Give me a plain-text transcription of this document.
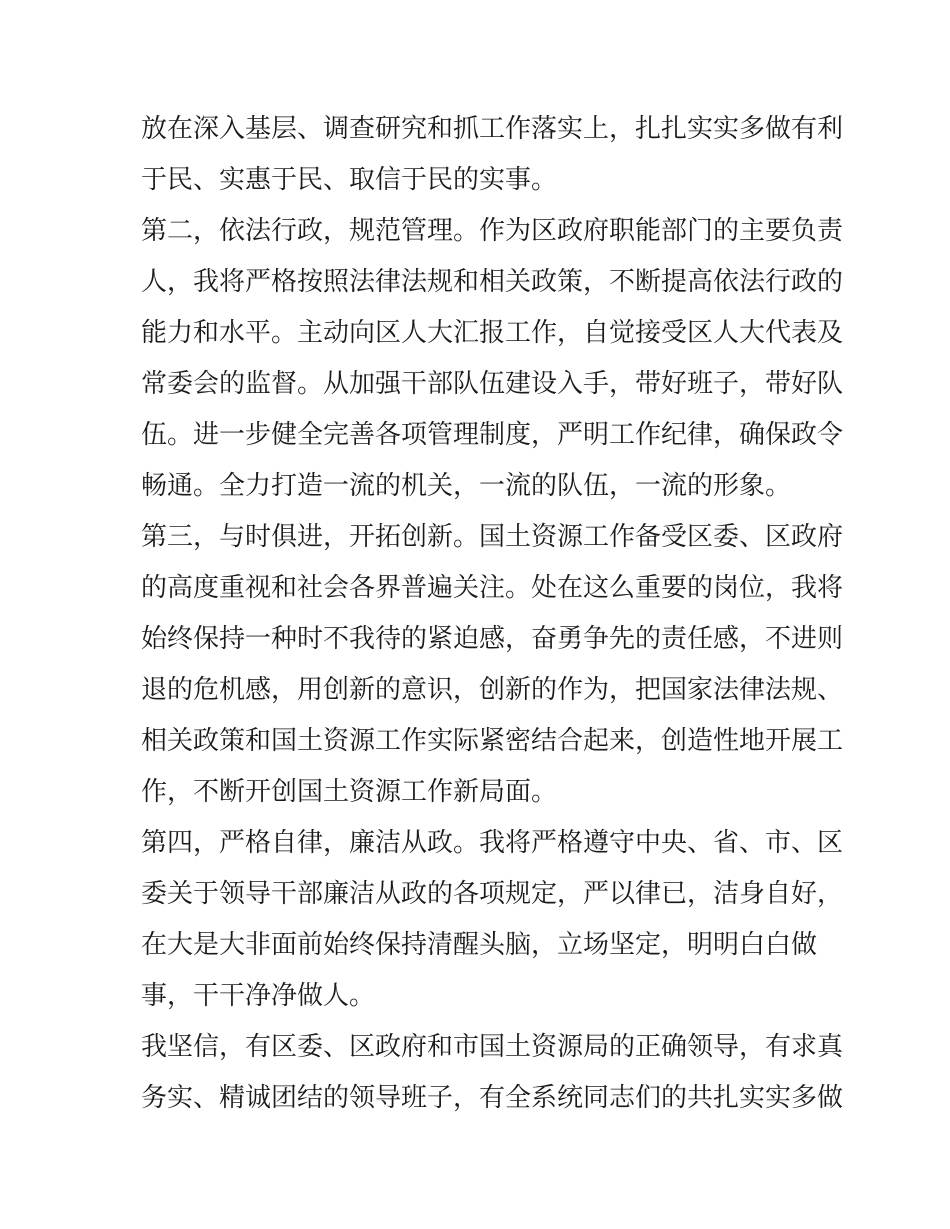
放在深入基层、调查研究和抓工作落实上，扎扎实实多做有利
于民、实惠于民、取信于民的实事。
第二，依法行政，规范管理。作为区政府职能部门的主要负责
人，我将严格按照法律法规和相关政策，不断提高依法行政的
能力和水平。主动向区人大汇报工作，自觉接受区人大代表及
常委会的监督。从加强干部队伍建设入手，带好班子，带好队
伍。进一步健全完善各项管理制度，严明工作纪律，确保政令
畅通。全力打造一流的机关，一流的队伍，一流的形象。
第三，与时俱进，开拓创新。国土资源工作备受区委、区政府
的高度重视和社会各界普遍关注。处在这么重要的岗位，我将
始终保持一种时不我待的紧迫感，奋勇争先的责任感，不进则
退的危机感，用创新的意识，创新的作为，把国家法律法规、
相关政策和国土资源工作实际紧密结合起来，创造性地开展工
作，不断开创国土资源工作新局面。
第四，严格自律，廉洁从政。我将严格遵守中央、省、市、区
委关于领导干部廉洁从政的各项规定，严以律已，洁身自好，
在大是大非面前始终保持清醒头脑，立场坚定，明明白白做
事，干干净净做人。
我坚信，有区委、区政府和市国土资源局的正确领导，有求真
务实、精诚团结的领导班子，有全系统同志们的共扎实实多做
